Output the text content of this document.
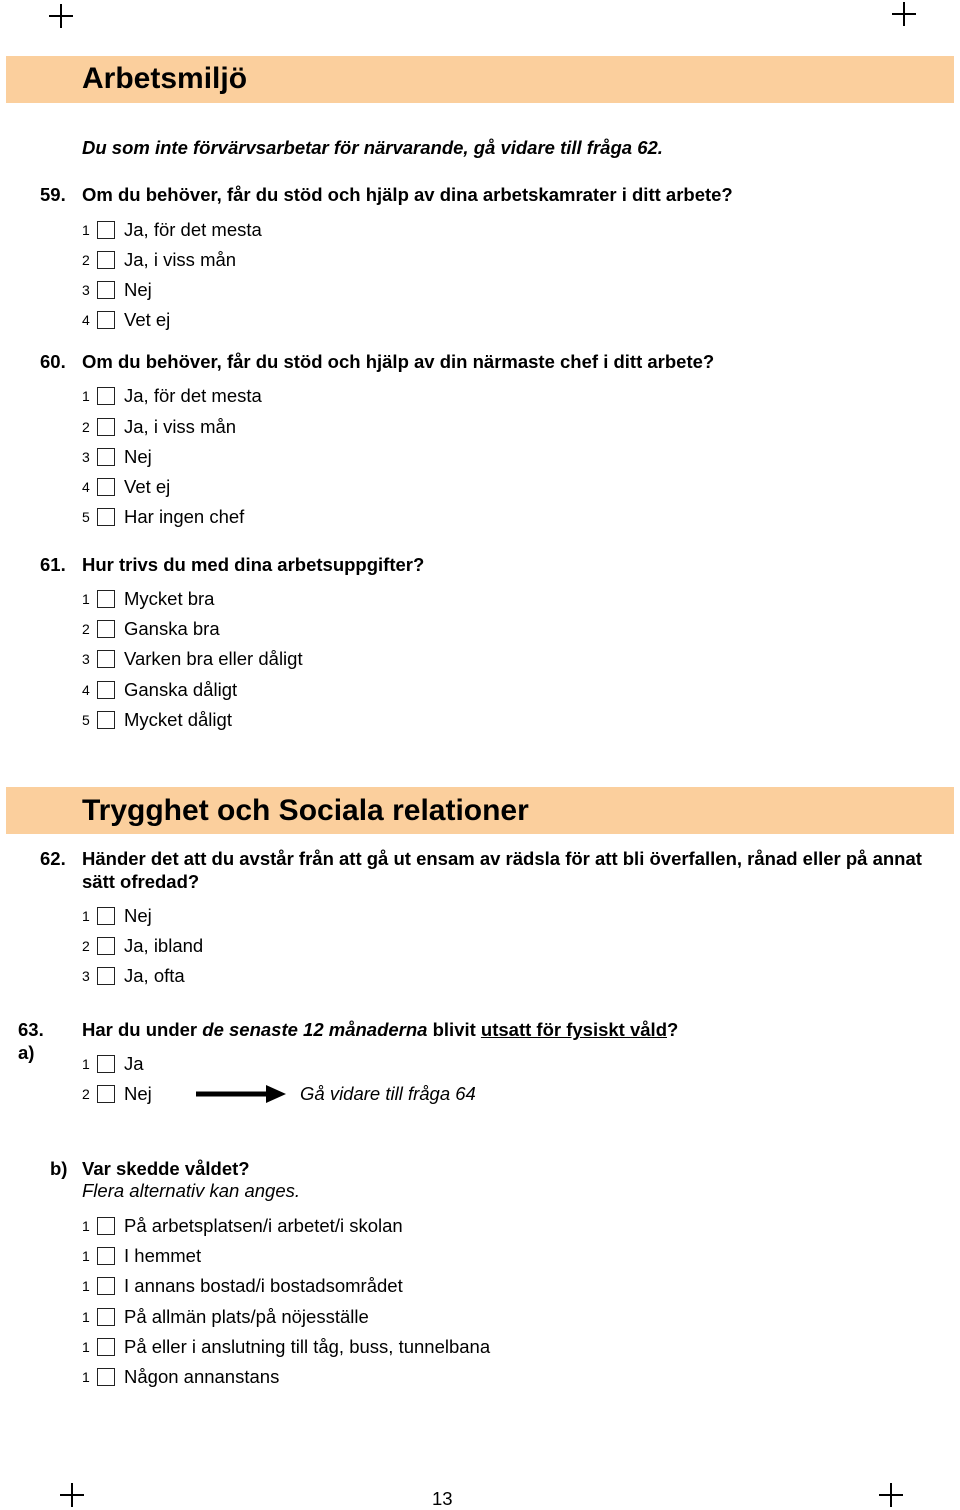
Arbetsmiljö
Du som inte förvärvsarbetar för närvarande, gå vidare till fråga 62.
59. Om du behöver, får du stöd och hjälp av dina arbetskamrater i ditt arbete?
1	Ja, för det mesta
2	Ja, i viss mån
3	Nej
4	Vet ej
60. Om du behöver, får du stöd och hjälp av din närmaste chef i ditt arbete?
1	Ja, för det mesta
2	Ja, i viss mån
3	Nej
4	Vet ej
5	Har ingen chef
61. Hur trivs du med dina arbetsuppgifter?
1	Mycket bra
2	Ganska bra
3	Varken bra eller dåligt
4	Ganska dåligt
5	Mycket dåligt
Trygghet och Sociala relationer
62. Händer det att du avstår från att gå ut ensam av rädsla för att bli överfallen, rånad eller på annat sätt ofredad?
1	Nej
2	Ja, ibland
3	Ja, ofta
63. a)
Har du under de senaste 12 månaderna blivit utsatt för fysiskt våld?
1	Ja
2	Nej	Gå vidare till fråga 64
b) Var skedde våldet?
Flera alternativ kan anges.
1	På arbetsplatsen/i arbetet/i skolan
1	I hemmet
1	I annans bostad/i bostadsområdet
1	På allmän plats/på nöjesställe
1	På eller i anslutning till tåg, buss, tunnelbana
1	Någon annanstans
13
